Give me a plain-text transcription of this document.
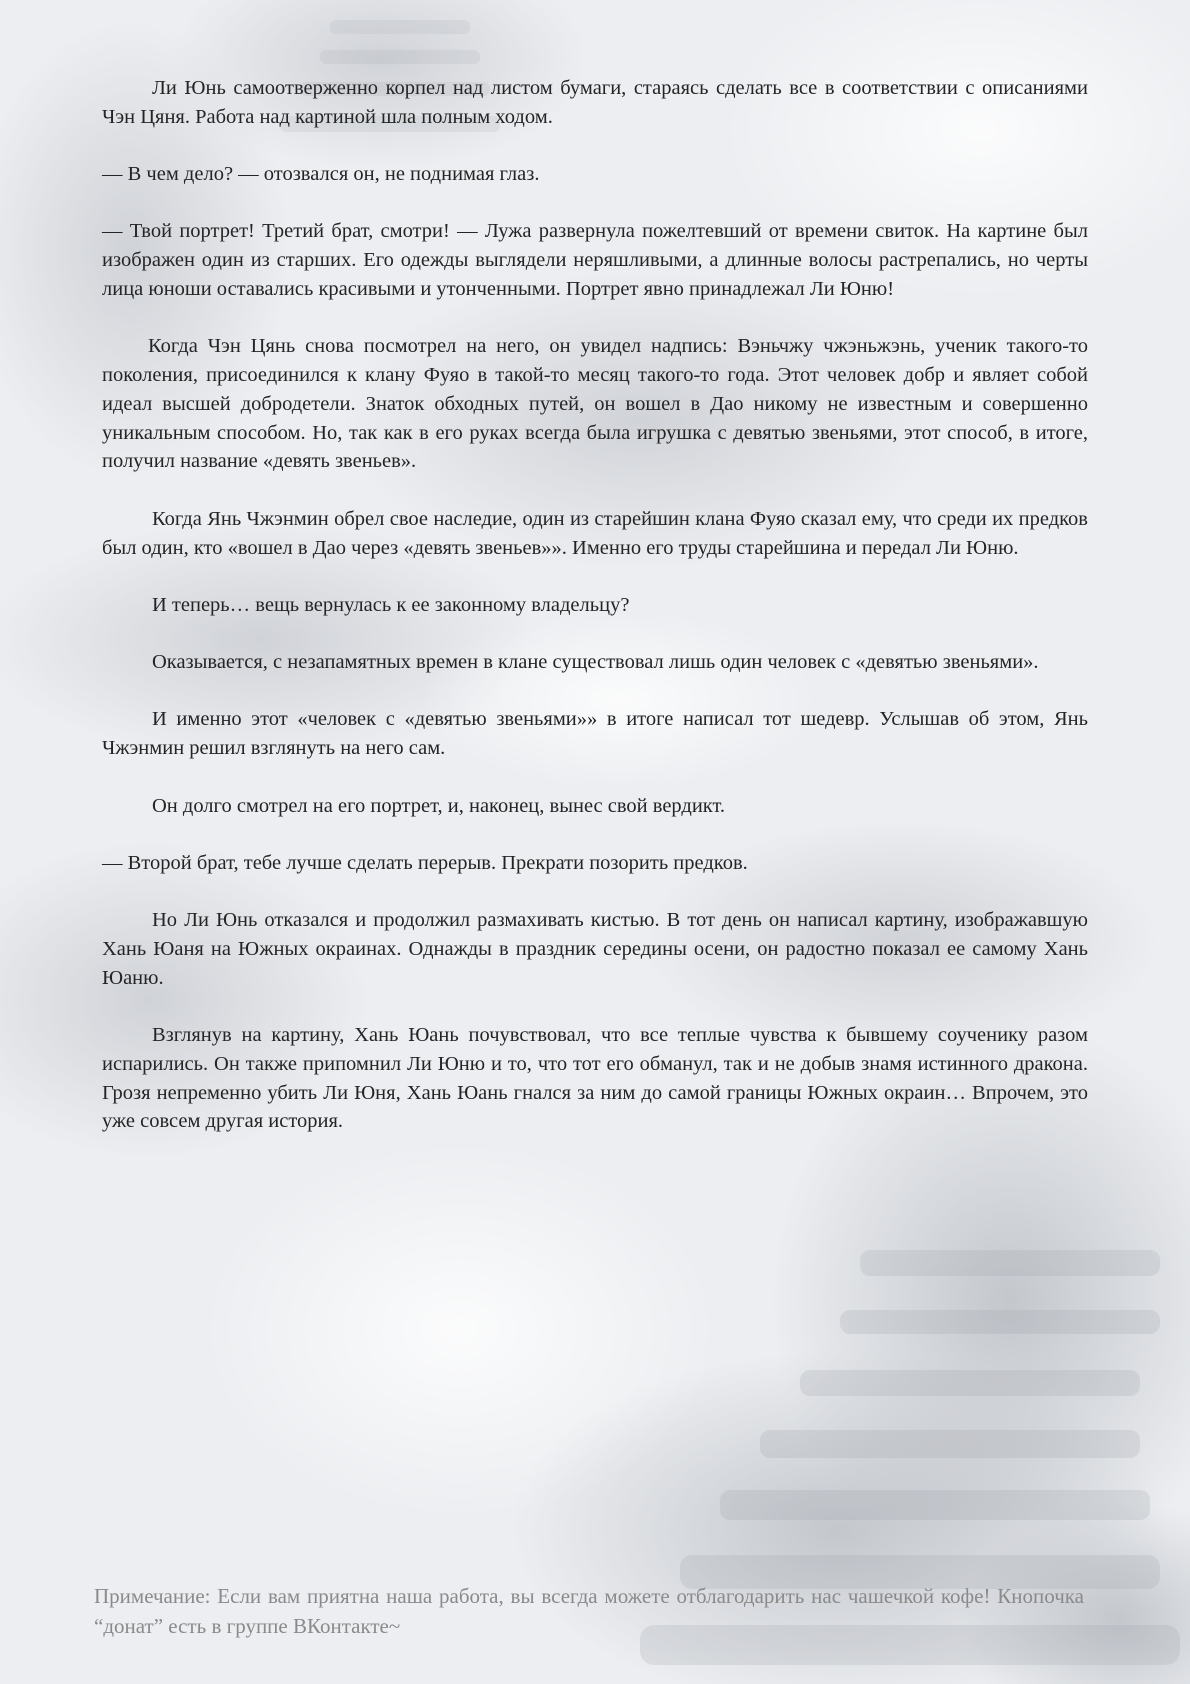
Ли Юнь самоотверженно корпел над листом бумаги, стараясь сделать все в соответствии с описаниями Чэн Цяня. Работа над картиной шла полным ходом.

— В чем дело? — отозвался он, не поднимая глаз.

— Твой портрет! Третий брат, смотри! — Лужа развернула пожелтевший от времени свиток. На картине был изображен один из старших. Его одежды выглядели неряшливыми, а длинные волосы растрепались, но черты лица юноши оставались красивыми и утонченными. Портрет явно принадлежал Ли Юню!

Когда Чэн Цянь снова посмотрел на него, он увидел надпись: Вэньчжу чжэньжэнь, ученик такого-то поколения, присоединился к клану Фуяо в такой-то месяц такого-то года. Этот человек добр и являет собой идеал высшей добродетели. Знаток обходных путей, он вошел в Дао никому не известным и совершенно уникальным способом. Но, так как в его руках всегда была игрушка с девятью звеньями, этот способ, в итоге, получил название «девять звеньев».

Когда Янь Чжэнмин обрел свое наследие, один из старейшин клана Фуяо сказал ему, что среди их предков был один, кто «вошел в Дао через «девять звеньев»». Именно его труды старейшина и передал Ли Юню.

И теперь… вещь вернулась к ее законному владельцу?

Оказывается, с незапамятных времен в клане существовал лишь один человек с «девятью звеньями».

И именно этот «человек с «девятью звеньями»» в итоге написал тот шедевр. Услышав об этом, Янь Чжэнмин решил взглянуть на него сам.

Он долго смотрел на его портрет, и, наконец, вынес свой вердикт.

— Второй брат, тебе лучше сделать перерыв. Прекрати позорить предков.

Но Ли Юнь отказался и продолжил размахивать кистью. В тот день он написал картину, изображавшую Хань Юаня на Южных окраинах. Однажды в праздник середины осени, он радостно показал ее самому Хань Юаню.

Взглянув на картину, Хань Юань почувствовал, что все теплые чувства к бывшему соученику разом испарились. Он также припомнил Ли Юню и то, что тот его обманул, так и не добыв знамя истинного дракона. Грозя непременно убить Ли Юня, Хань Юань гнался за ним до самой границы Южных окраин… Впрочем, это уже совсем другая история.

Примечание: Если вам приятна наша работа, вы всегда можете отблагодарить нас чашечкой кофе! Кнопочка “донат” есть в группе ВКонтакте~
